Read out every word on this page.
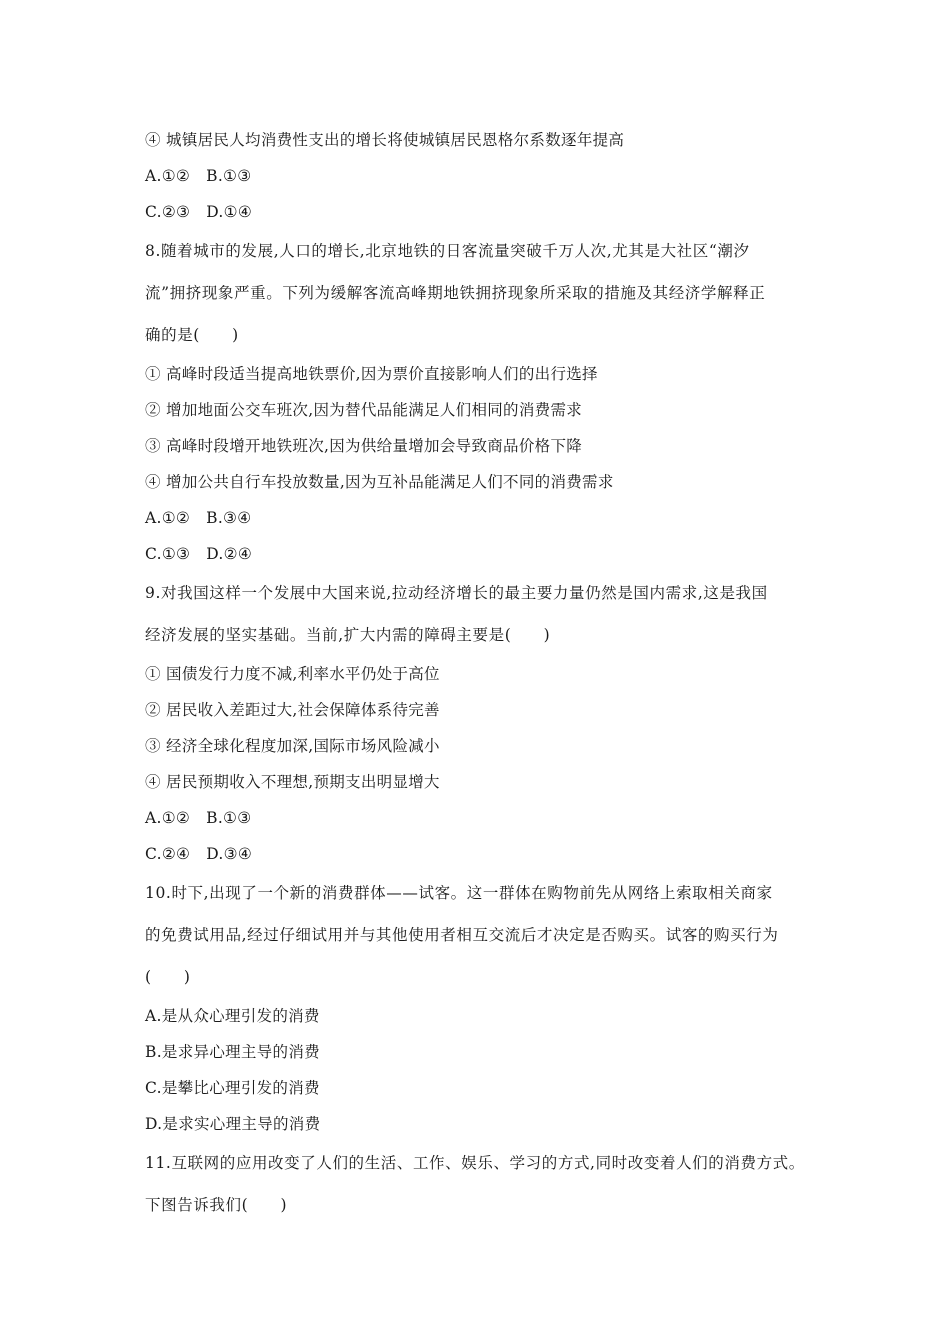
④ 城镇居民人均消费性支出的增长将使城镇居民恩格尔系数逐年提高
A.①② B.①③
C.②③ D.①④
8.随着城市的发展,人口的增长,北京地铁的日客流量突破千万人次,尤其是大社区“潮汐
流”拥挤现象严重。下列为缓解客流高峰期地铁拥挤现象所采取的措施及其经济学解释正
确的是(　　)
① 高峰时段适当提高地铁票价,因为票价直接影响人们的出行选择
② 增加地面公交车班次,因为替代品能满足人们相同的消费需求
③ 高峰时段增开地铁班次,因为供给量增加会导致商品价格下降
④ 增加公共自行车投放数量,因为互补品能满足人们不同的消费需求
A.①② B.③④
C.①③ D.②④
9.对我国这样一个发展中大国来说,拉动经济增长的最主要力量仍然是国内需求,这是我国
经济发展的坚实基础。当前,扩大内需的障碍主要是(　　)
① 国债发行力度不减,利率水平仍处于高位
② 居民收入差距过大,社会保障体系待完善
③ 经济全球化程度加深,国际市场风险减小
④ 居民预期收入不理想,预期支出明显增大
A.①② B.①③
C.②④ D.③④
10.时下,出现了一个新的消费群体——试客。这一群体在购物前先从网络上索取相关商家
的免费试用品,经过仔细试用并与其他使用者相互交流后才决定是否购买。试客的购买行为
(　　)
A.是从众心理引发的消费
B.是求异心理主导的消费
C.是攀比心理引发的消费
D.是求实心理主导的消费
11.互联网的应用改变了人们的生活、工作、娱乐、学习的方式,同时改变着人们的消费方式。
下图告诉我们(　　)
